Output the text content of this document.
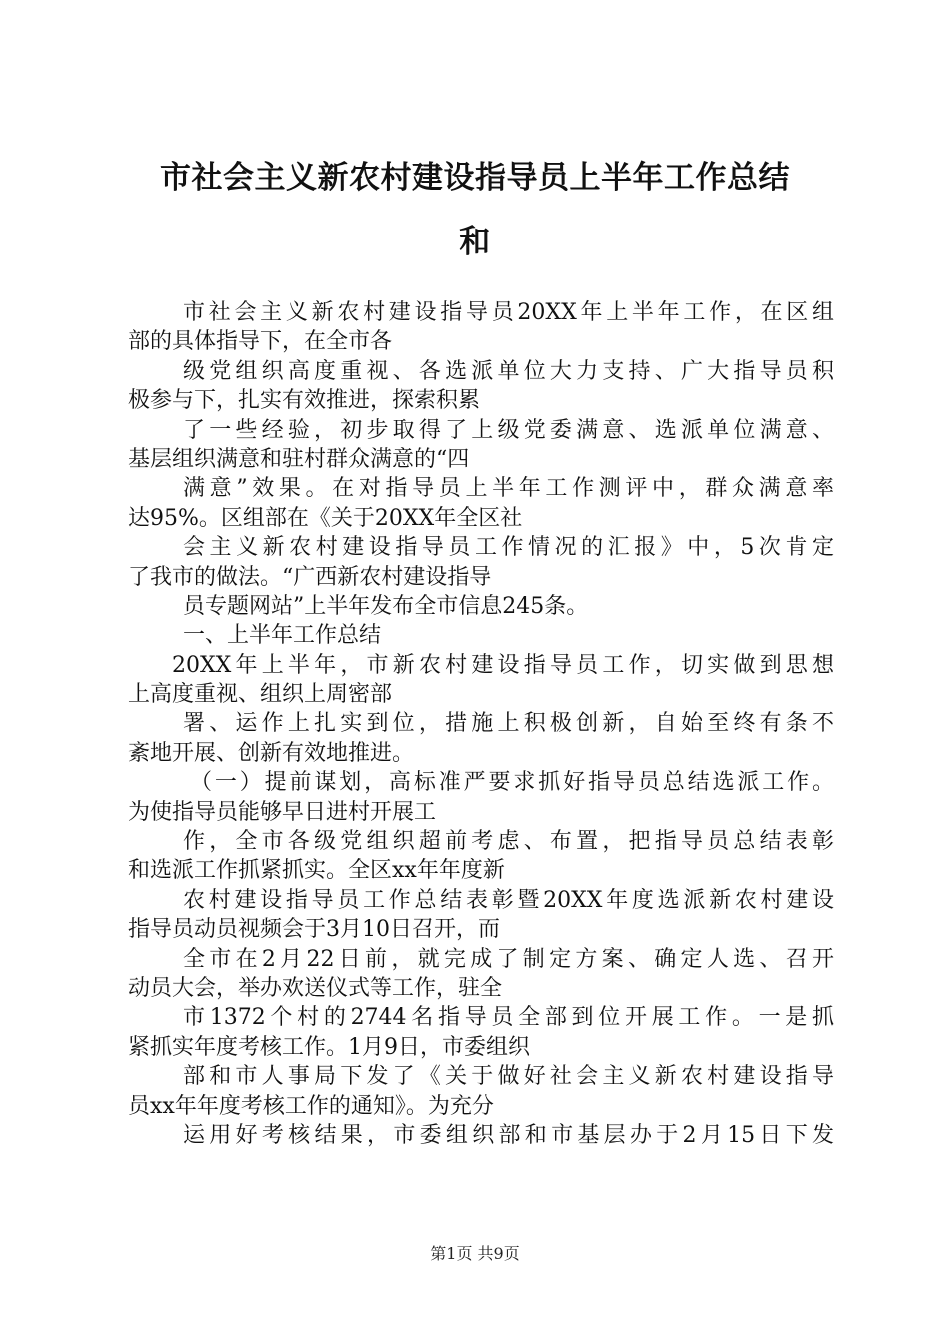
市社会主义新农村建设指导员上半年工作总结
和
市社会主义新农村建设指导员20XX年上半年工作，在区组
部的具体指导下，在全市各
级党组织高度重视、各选派单位大力支持、广大指导员积
极参与下，扎实有效推进，探索积累
了一些经验，初步取得了上级党委满意、选派单位满意、
基层组织满意和驻村群众满意的“四
满意”效果。在对指导员上半年工作测评中，群众满意率
达95%。区组部在《关于20XX年全区社
会主义新农村建设指导员工作情况的汇报》中，5次肯定
了我市的做法。“广西新农村建设指导
员专题网站”上半年发布全市信息245条。
一、上半年工作总结
20XX年上半年，市新农村建设指导员工作，切实做到思想
上高度重视、组织上周密部
署、运作上扎实到位，措施上积极创新，自始至终有条不
紊地开展、创新有效地推进。
（一）提前谋划，高标准严要求抓好指导员总结选派工作。
为使指导员能够早日进村开展工
作，全市各级党组织超前考虑、布置，把指导员总结表彰
和选派工作抓紧抓实。全区xx年年度新
农村建设指导员工作总结表彰暨20XX年度选派新农村建设
指导员动员视频会于3月10日召开，而
全市在2月22日前，就完成了制定方案、确定人选、召开
动员大会，举办欢送仪式等工作，驻全
市1372个村的2744名指导员全部到位开展工作。一是抓
紧抓实年度考核工作。1月9日，市委组织
部和市人事局下发了《关于做好社会主义新农村建设指导
员xx年年度考核工作的通知》。为充分
运用好考核结果，市委组织部和市基层办于2月15日下发
第1页 共9页
